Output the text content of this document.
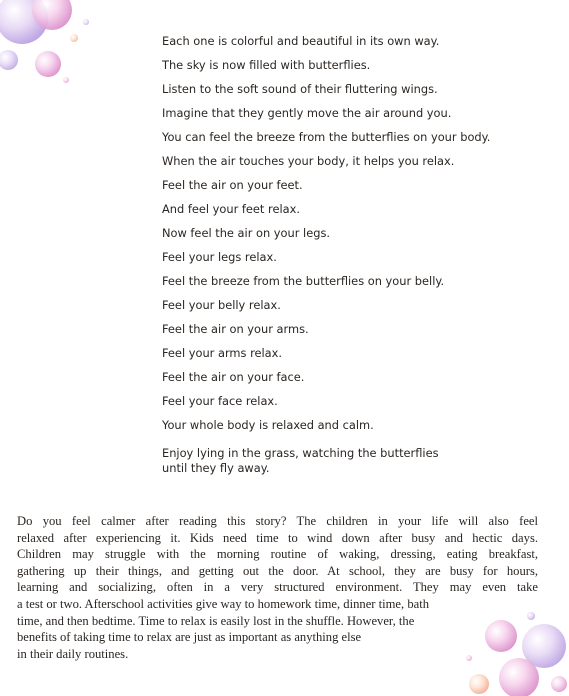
Each one is colorful and beautiful in its own way.
The sky is now filled with butterflies.
Listen to the soft sound of their fluttering wings.
Imagine that they gently move the air around you.
You can feel the breeze from the butterflies on your body.
When the air touches your body, it helps you relax.
Feel the air on your feet.
And feel your feet relax.
Now feel the air on your legs.
Feel your legs relax.
Feel the breeze from the butterflies on your belly.
Feel your belly relax.
Feel the air on your arms.
Feel your arms relax.
Feel the air on your face.
Feel your face relax.
Your whole body is relaxed and calm.
Enjoy lying in the grass, watching the butterflies
until they fly away.
Do you feel calmer after reading this story? The children in your life will also feel
relaxed after experiencing it. Kids need time to wind down after busy and hectic days.
Children may struggle with the morning routine of waking, dressing, eating breakfast,
gathering up their things, and getting out the door. At school, they are busy for hours,
learning and socializing, often in a very structured environment. They may even take
a test or two. Afterschool activities give way to homework time, dinner time, bath
time, and then bedtime. Time to relax is easily lost in the shuffle. However, the
benefits of taking time to relax are just as important as anything else
in their daily routines.
